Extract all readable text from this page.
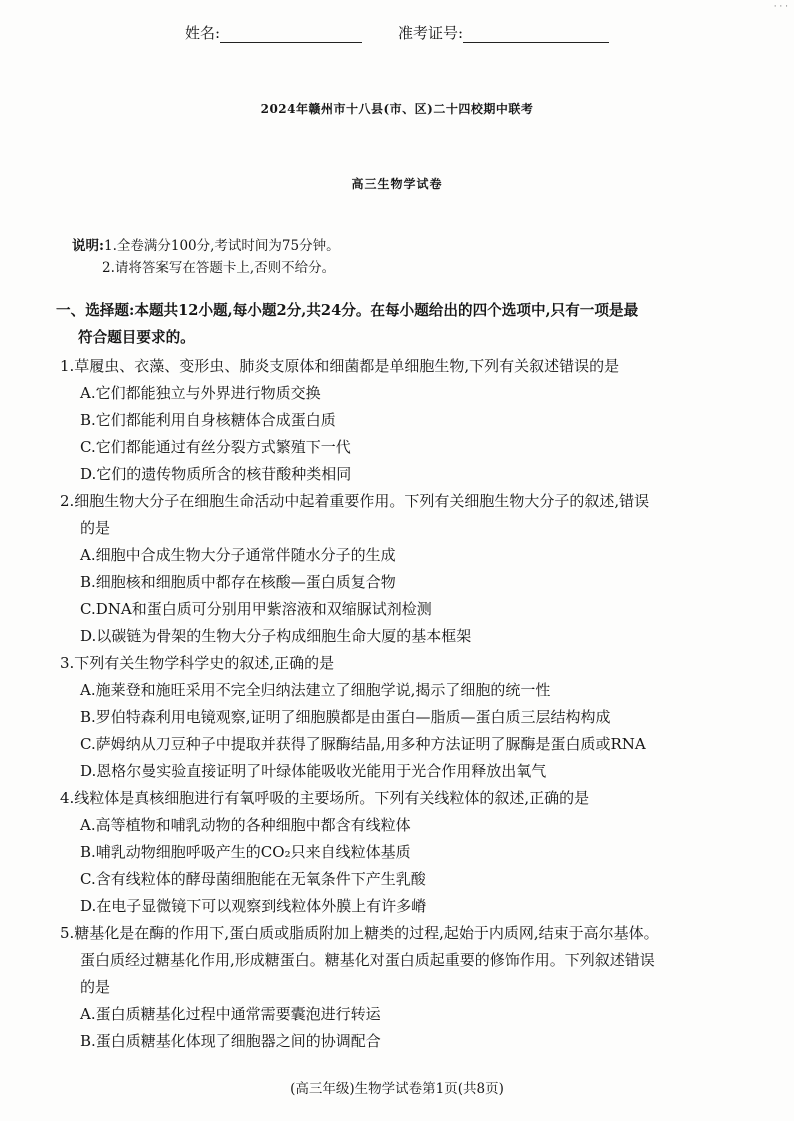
· · ·
姓名:	准考证号:
2024年赣州市十八县(市、区)二十四校期中联考
高三生物学试卷
说明:1.全卷满分100分,考试时间为75分钟。
2.请将答案写在答题卡上,否则不给分。
一、选择题:本题共12小题,每小题2分,共24分。在每小题给出的四个选项中,只有一项是最
符合题目要求的。
1.草履虫、衣藻、变形虫、肺炎支原体和细菌都是单细胞生物,下列有关叙述错误的是
A.它们都能独立与外界进行物质交换
B.它们都能利用自身核糖体合成蛋白质
C.它们都能通过有丝分裂方式繁殖下一代
D.它们的遗传物质所含的核苷酸种类相同
2.细胞生物大分子在细胞生命活动中起着重要作用。下列有关细胞生物大分子的叙述,错误
的是
A.细胞中合成生物大分子通常伴随水分子的生成
B.细胞核和细胞质中都存在核酸—蛋白质复合物
C.DNA和蛋白质可分别用甲紫溶液和双缩脲试剂检测
D.以碳链为骨架的生物大分子构成细胞生命大厦的基本框架
3.下列有关生物学科学史的叙述,正确的是
A.施莱登和施旺采用不完全归纳法建立了细胞学说,揭示了细胞的统一性
B.罗伯特森利用电镜观察,证明了细胞膜都是由蛋白—脂质—蛋白质三层结构构成
C.萨姆纳从刀豆种子中提取并获得了脲酶结晶,用多种方法证明了脲酶是蛋白质或RNA
D.恩格尔曼实验直接证明了叶绿体能吸收光能用于光合作用释放出氧气
4.线粒体是真核细胞进行有氧呼吸的主要场所。下列有关线粒体的叙述,正确的是
A.高等植物和哺乳动物的各种细胞中都含有线粒体
B.哺乳动物细胞呼吸产生的CO₂只来自线粒体基质
C.含有线粒体的酵母菌细胞能在无氧条件下产生乳酸
D.在电子显微镜下可以观察到线粒体外膜上有许多嵴
5.糖基化是在酶的作用下,蛋白质或脂质附加上糖类的过程,起始于内质网,结束于高尔基体。
蛋白质经过糖基化作用,形成糖蛋白。糖基化对蛋白质起重要的修饰作用。下列叙述错误
的是
A.蛋白质糖基化过程中通常需要囊泡进行转运
B.蛋白质糖基化体现了细胞器之间的协调配合
(高三年级)生物学试卷第1页(共8页)
